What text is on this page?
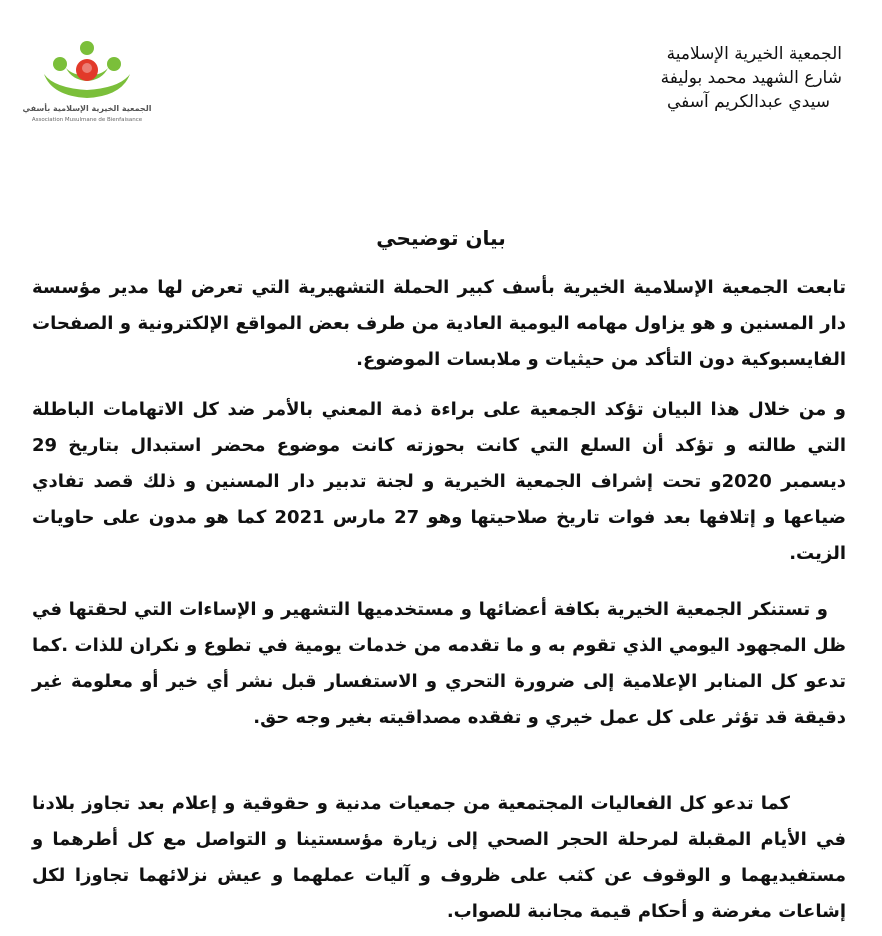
الجمعية الخيرية الإسلامية بأسفي
Association Musulmane de Bienfaisance
الجمعية الخيرية الإسلامية
شارع الشهيد محمد بوليفة
سيدي عبدالكريم آسفي
بيان توضيحي

تابعت الجمعية الإسلامية الخيرية بأسف كبير الحملة التشهيرية التي تعرض لها مدير مؤسسة دار المسنين و هو يزاول مهامه اليومية العادية من طرف بعض المواقع الإلكترونية و الصفحات الفايسبوكية دون التأكد من حيثيات و ملابسات الموضوع.

و من خلال هذا البيان تؤكد الجمعية على براءة ذمة المعني بالأمر ضد كل الاتهامات الباطلة التي طالته و تؤكد أن السلع التي كانت بحوزته كانت موضوع محضر استبدال بتاريخ 29 ديسمبر 2020و تحت إشراف الجمعية الخيرية و لجنة تدبير دار المسنين و ذلك قصد تفادي ضياعها و إتلافها بعد فوات تاريخ صلاحيتها وهو 27 مارس 2021 كما هو مدون على حاويات الزيت.

و تستنكر الجمعية الخيرية بكافة أعضائها و مستخدميها التشهير و الإساءات التي لحقتها في ظل المجهود اليومي الذي تقوم به و ما تقدمه من خدمات يومية في تطوع و نكران للذات .كما تدعو كل المنابر الإعلامية إلى ضرورة التحري و الاستفسار قبل نشر أي خير أو معلومة غير دقيقة قد تؤثر على كل عمل خيري و تفقده مصداقيته بغير وجه حق.

كما تدعو كل الفعاليات المجتمعية من جمعيات مدنية و حقوقية و إعلام بعد تجاوز بلادنا في الأيام المقبلة لمرحلة الحجر الصحي إلى زيارة مؤسستينا و التواصل مع كل أطرهما و مستفيديهما و الوقوف عن كثب على ظروف و آليات عملهما و عيش نزلائهما تجاوزا لكل إشاعات مغرضة و أحكام قيمة مجانبة للصواب.
